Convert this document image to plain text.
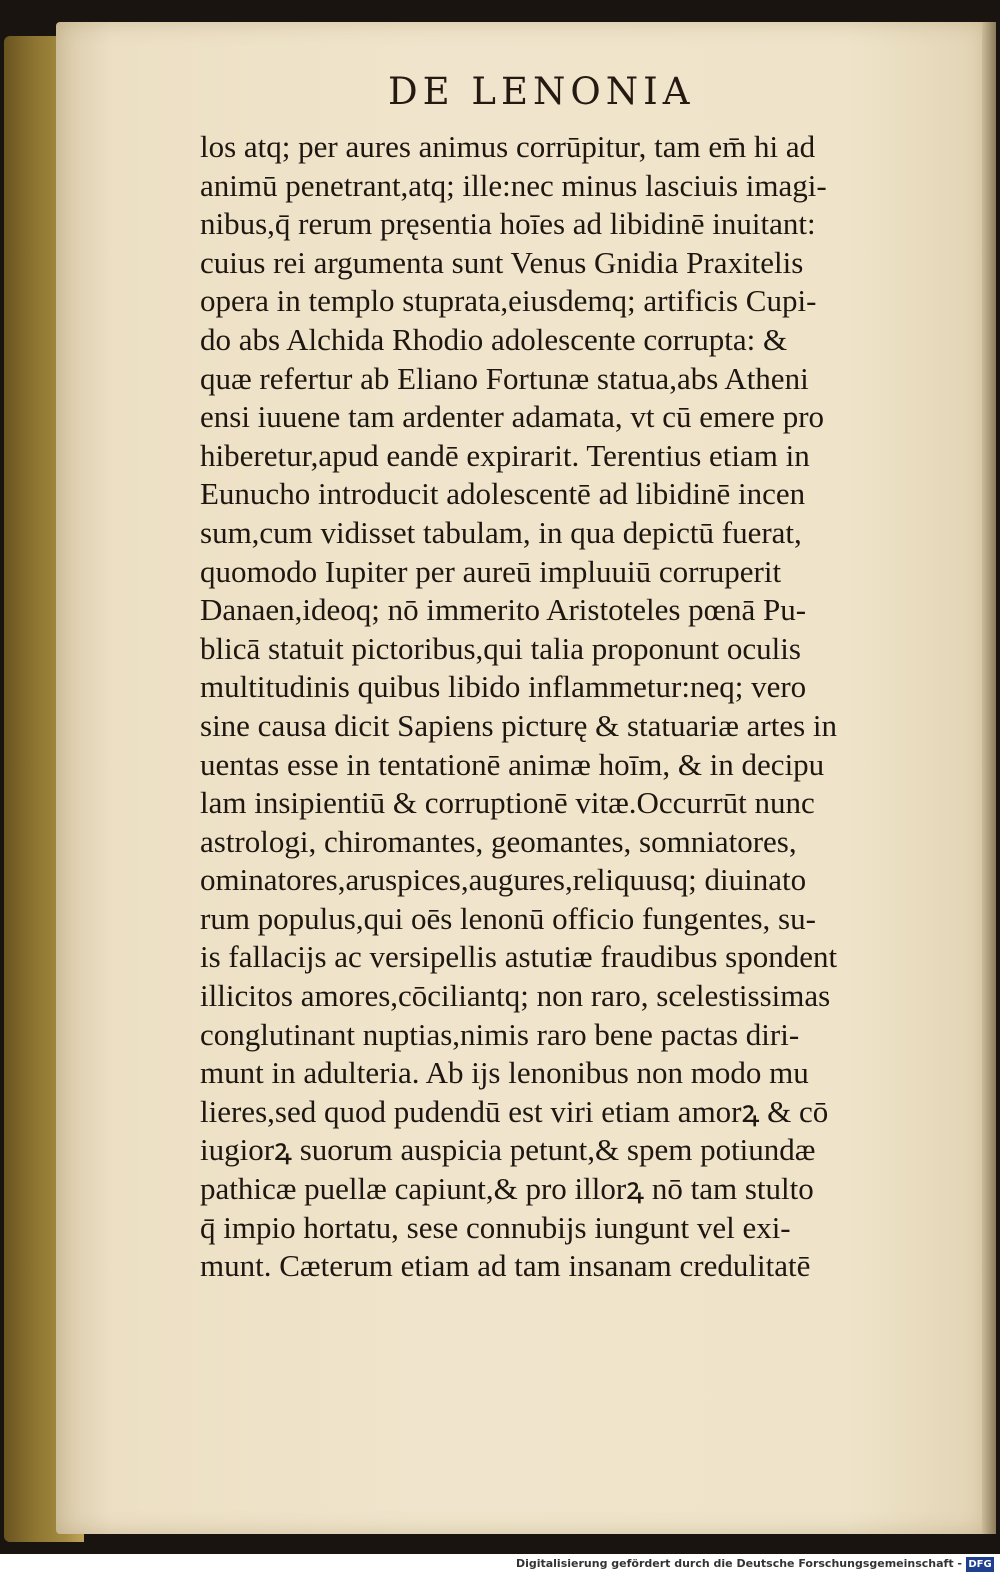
DE LENONIA
los atq; per aures animus corrūpitur, tam em̄ hi ad
animū penetrant,atq; ille:nec minus lasciuis imagi-
nibus,q̄ rerum pręsentia hoīes ad libidinē inuitant:
cuius rei argumenta sunt Venus Gnidia Praxitelis
opera in templo stuprata,eiusdemq; artificis Cupi-
do abs Alchida Rhodio adolescente corrupta: &
quæ refertur ab Eliano Fortunæ statua,abs Atheni
ensi iuuene tam ardenter adamata, vt cū emere pro
hiberetur,apud eandē expirarit. Terentius etiam in
Eunucho introducit adolescentē ad libidinē incen
sum,cum vidisset tabulam, in qua depictū fuerat,
quomodo Iupiter per aureū impluuiū corruperit
Danaen,ideoq; nō immerito Aristoteles pœnā Pu-
blicā statuit pictoribus,qui talia proponunt oculis
multitudinis quibus libido inflammetur:neq; vero
sine causa dicit Sapiens picturę & statuariæ artes in
uentas esse in tentationē animæ hoīm, & in decipu
lam insipientiū & corruptionē vitæ.Occurrūt nunc
astrologi, chiromantes, geomantes, somniatores,
ominatores,aruspices,augures,reliquusq; diuinato
rum populus,qui oēs lenonū officio fungentes, su-
is fallacijs ac versipellis astutiæ fraudibus spondent
illicitos amores,cōciliantq; non raro, scelestissimas
conglutinant nuptias,nimis raro bene pactas diri-
munt in adulteria. Ab ijs lenonibus non modo mu
lieres,sed quod pudendū est viri etiam amorꝝ & cō
iugiorꝝ suorum auspicia petunt,& spem potiundæ
pathicæ puellæ capiunt,& pro illorꝝ nō tam stulto
q̄ impio hortatu, sese connubijs iungunt vel exi-
munt. Cæterum etiam ad tam insanam credulitatē
Digitalisierung gefördert durch die Deutsche Forschungsgemeinschaft - DFG
